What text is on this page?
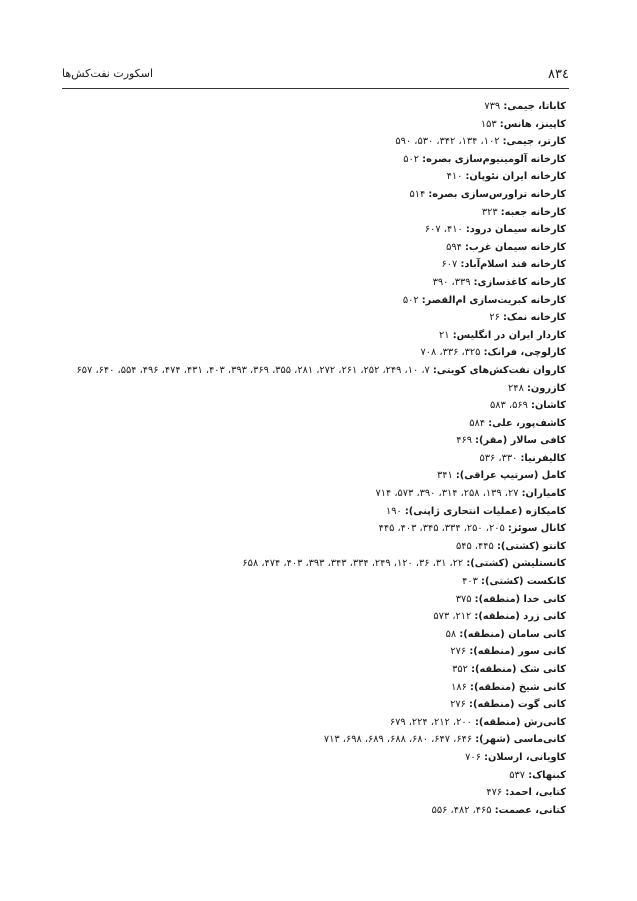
۸۳٤
اسکورت نفت‌کش‌ها
کاباتا، جیمی: ۷۳۹
کاپینز، هانس: ۱۵۳
کارتر، جیمی: ۱۰۲، ۱۳۴، ۳۴۲، ۵۳۰، ۵۹۰
کارخانه آلومینیوم‌سازی بصره: ۵۰۲
کارخانه ایران نئوپان: ۴۱۰
کارخانه تراورس‌سازی بصره: ۵۱۴
کارخانه جعبه: ۳۲۳
کارخانه سیمان درود: ۴۱۰، ۶۰۷
کارخانه سیمان غرب: ۵۹۴
کارخانه قند اسلام‌آباد: ۶۰۷
کارخانه کاغذسازی: ۳۳۹، ۳۹۰
کارخانه کبریت‌سازی ام‌القصر: ۵۰۲
کارخانه نمک: ۲۶
کاردار ایران در انگلیس: ۲۱
کارلوچی، فرانک: ۳۲۵، ۳۳۶، ۷۰۸
کاروان نفت‌کش‌های کویتی: ۷، ۱۰، ۲۴۹، ۲۵۲، ۲۶۱، ۲۷۲، ۲۸۱، ۳۵۵، ۳۶۹، ۳۹۳، ۴۰۳، ۴۳۱، ۴۷۴، ۴۹۶، ۵۵۴، ۶۴۰، ۶۵۷
کازرون: ۲۴۸
کاشان: ۵۶۹، ۵۸۳
کاشف‌پور، علی: ۵۸۴
کافی سالار (مقر): ۴۶۹
کالیفرنیا: ۳۳۰، ۵۳۶
کامل (سرتیپ عراقی): ۳۴۱
کامیاران: ۲۷، ۱۳۹، ۲۵۸، ۳۱۴، ۳۹۰، ۵۷۳، ۷۱۴
کامیکازه (عملیات انتحاری ژاپنی): ۱۹۰
کانال سوئز: ۲۰۵، ۲۵۰، ۳۳۴، ۳۴۵، ۴۰۳، ۴۴۵
کانتو (کشتی): ۴۴۵، ۵۴۵
کانستلیشن (کشتی): ۲۲، ۳۱، ۳۶، ۱۲۰، ۲۴۹، ۳۳۴، ۳۴۳، ۳۹۳، ۴۰۳، ۴۷۴، ۶۵۸
کانکست (کشتی): ۴۰۳
کانی خدا (منطقه): ۳۷۵
کانی زرد (منطقه): ۲۱۲، ۵۷۳
کانی سامان (منطقه): ۵۸
کانی سور (منطقه): ۲۷۶
کانی شک (منطقه): ۳۵۲
کانی شیخ (منطقه): ۱۸۶
کانی گوت (منطقه): ۲۷۶
کانی‌رش (منطقه): ۲۰۰، ۲۱۲، ۲۲۴، ۶۷۹
کانی‌ماسی (شهر): ۶۴۶، ۶۴۷، ۶۸۰، ۶۸۸، ۶۸۹، ۶۹۸، ۷۱۳
کاویانی، ارسلان: ۷۰۶
کبنهاک: ۵۳۷
کتابی، احمد: ۴۷۶
کتانی، عصمت: ۴۶۵، ۴۸۲، ۵۵۶
